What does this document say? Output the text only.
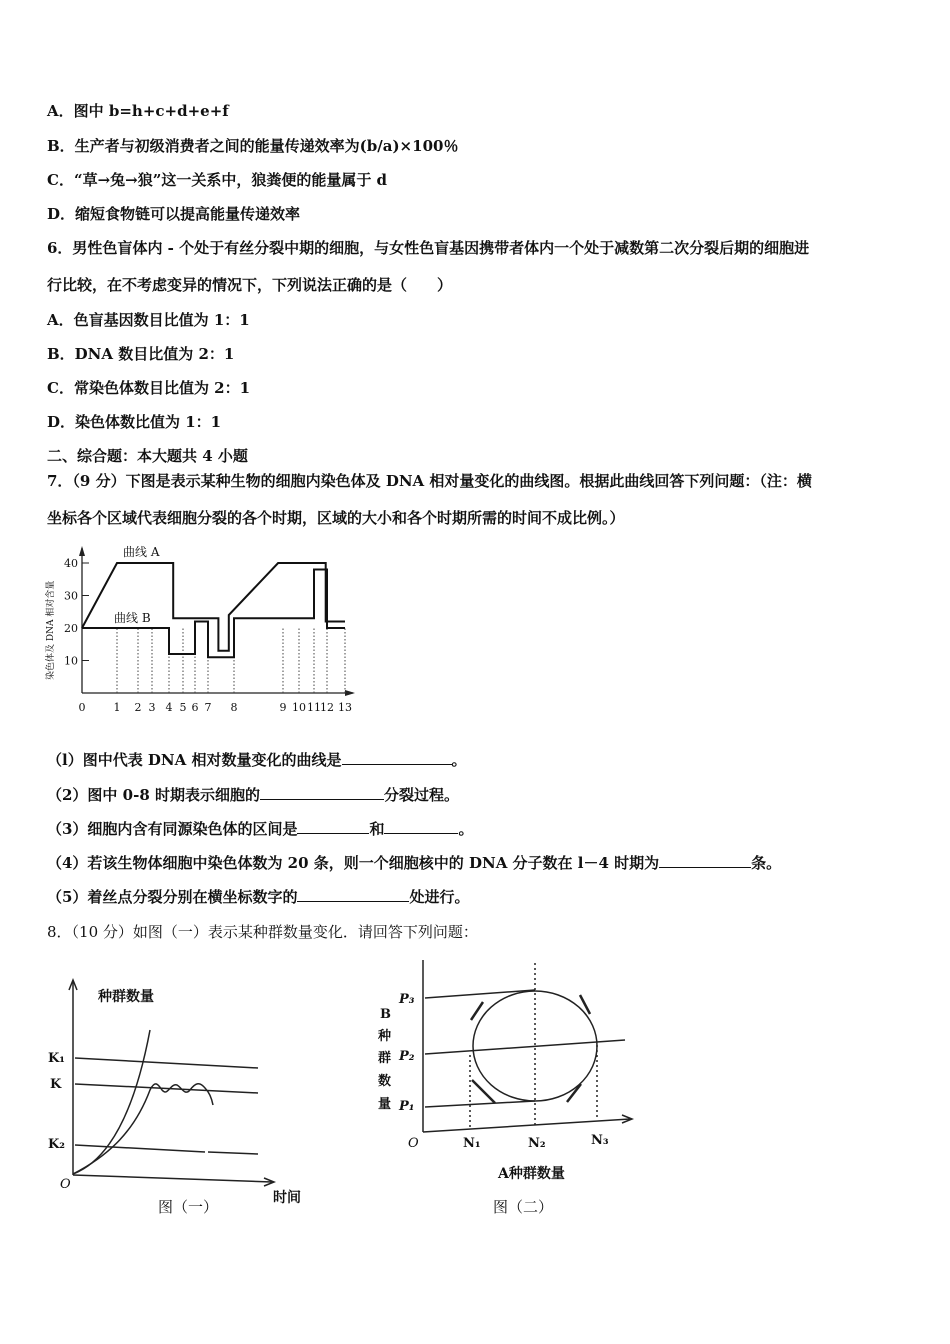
A．图中 b=h+c+d+e+f
B．生产者与初级消费者之间的能量传递效率为(b/a)×100％
C．“草→兔→狼”这一关系中，狼粪便的能量属于 d
D．缩短食物链可以提高能量传递效率
6．男性色盲体内 - 个处于有丝分裂中期的细胞，与女性色盲基因携带者体内一个处于减数第二次分裂后期的细胞进
行比较，在不考虑变异的情况下，下列说法正确的是（　　）
A．色盲基因数目比值为 1：1
B．DNA 数目比值为 2：1
C．常染色体数目比值为 2：1
D．染色体数比值为 1：1
二、综合题：本大题共 4 小题
7．（9 分）下图是表示某种生物的细胞内染色体及 DNA 相对量变化的曲线图。根据此曲线回答下列问题：（注：横
坐标各个区域代表细胞分裂的各个时期，区域的大小和各个时期所需的时间不成比例。）
10
20
30
40
0	1 2 3 4 5 6 7 8	9 10 11 12 13
染色体及 DNA 相对含量
曲线 A
曲线 B
（l）图中代表 DNA 相对数量变化的曲线是	。
（2）图中 0-8 时期表示细胞的	分裂过程。
（3）细胞内含有同源染色体的区间是	和	。
（4）若该生物体细胞中染色体数为 20 条，则一个细胞核中的 DNA 分子数在 l－4 时期为	条。
（5）着丝点分裂分别在横坐标数字的	处进行。
8．（10 分）如图（一）表示某种群数量变化．请回答下列问题：
种群数量
K₁
K
K₂
O
时间
图（一）
P₃
P₂
P₁
B
种
群
数
量
O	N₁	N₂	N₃
A种群数量
图（二）
